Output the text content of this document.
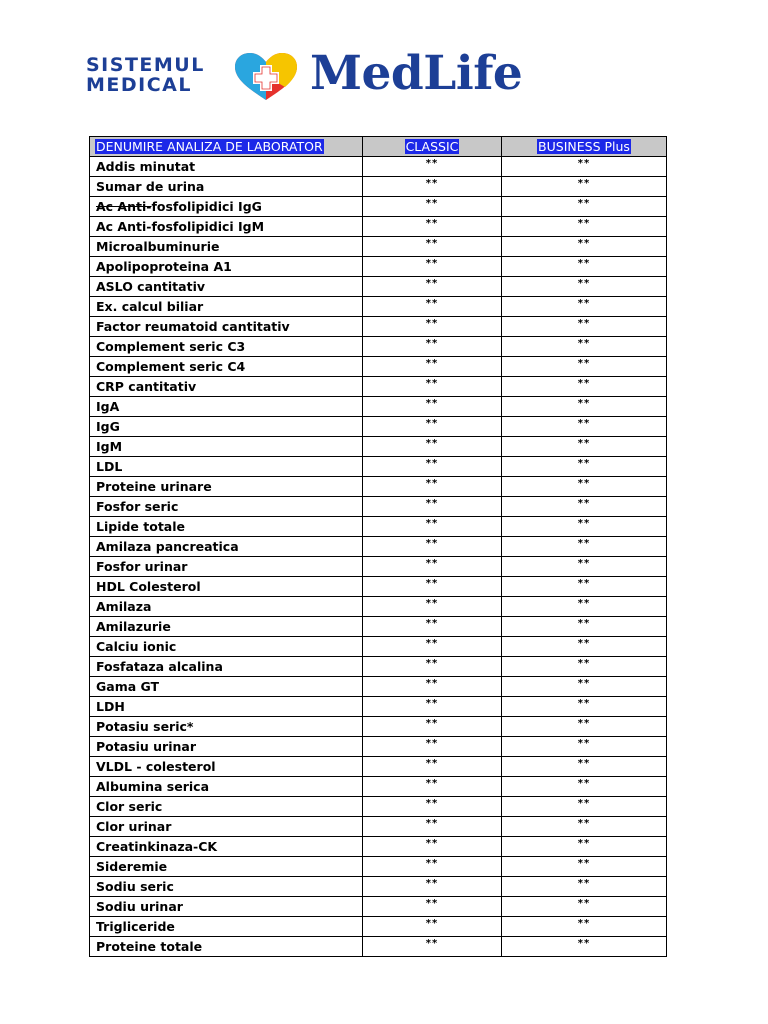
SISTEMUL
MEDICAL	MedLife
DENUMIRE ANALIZA DE LABORATOR	CLASSIC	BUSINESS Plus
Addis minutat	**	**
Sumar de urina	**	**
Ac Anti-fosfolipidici IgG	**	**
Ac Anti-fosfolipidici IgM	**	**
Microalbuminurie	**	**
Apolipoproteina A1	**	**
ASLO cantitativ	**	**
Ex. calcul biliar	**	**
Factor reumatoid cantitativ	**	**
Complement seric C3	**	**
Complement seric C4	**	**
CRP cantitativ	**	**
IgA	**	**
IgG	**	**
IgM	**	**
LDL	**	**
Proteine urinare	**	**
Fosfor seric	**	**
Lipide totale	**	**
Amilaza pancreatica	**	**
Fosfor urinar	**	**
HDL Colesterol	**	**
Amilaza	**	**
Amilazurie	**	**
Calciu ionic	**	**
Fosfataza alcalina	**	**
Gama GT	**	**
LDH	**	**
Potasiu seric*	**	**
Potasiu urinar	**	**
VLDL - colesterol	**	**
Albumina serica	**	**
Clor seric	**	**
Clor urinar	**	**
Creatinkinaza-CK	**	**
Sideremie	**	**
Sodiu seric	**	**
Sodiu urinar	**	**
Trigliceride	**	**
Proteine totale	**	**
